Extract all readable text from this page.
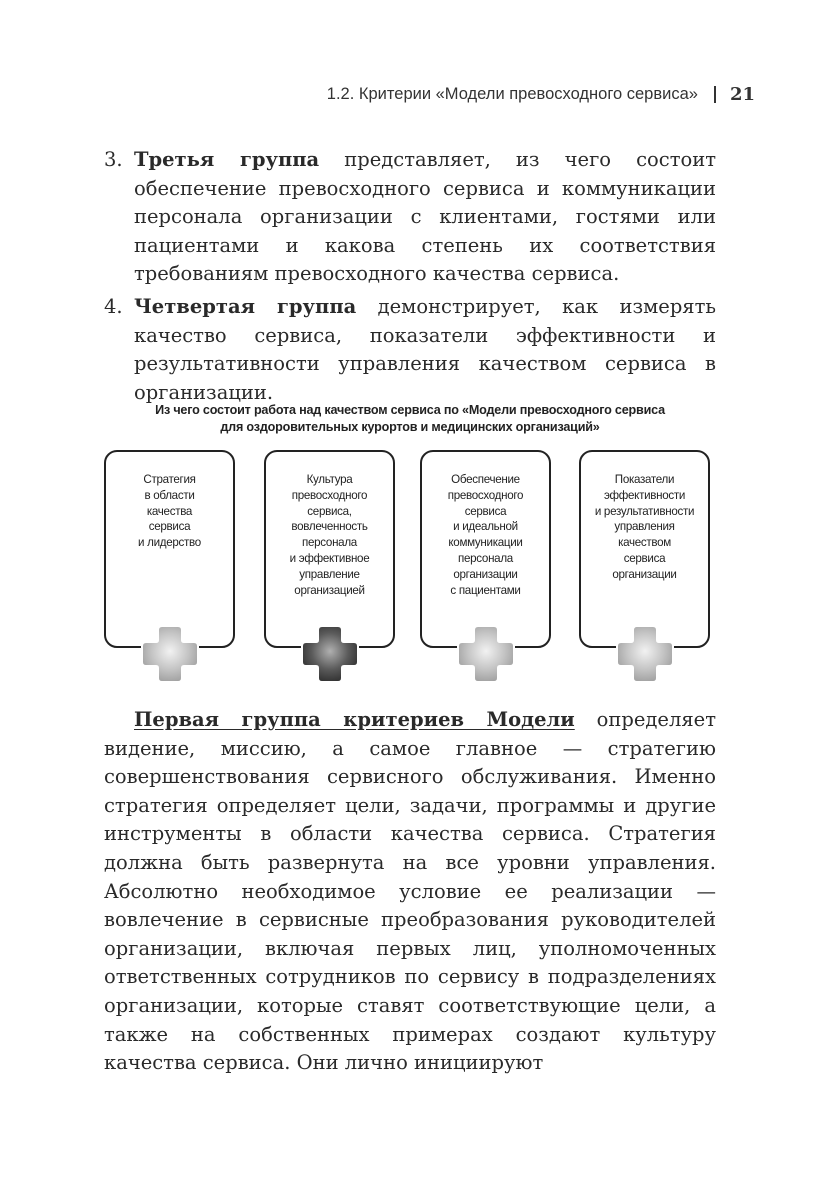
1.2. Критерии «Модели превосходного сервиса» 21
3. Третья группа представляет, из чего состоит обеспечение превосходного сервиса и коммуникации персонала организации с клиентами, гостями или пациентами и какова степень их соответствия требованиям превосходного качества сервиса.
4. Четвертая группа демонстрирует, как измерять качество сервиса, показатели эффективности и результативности управления качеством сервиса в организации.
Из чего состоит работа над качеством сервиса по «Модели превосходного сервиса
для оздоровительных курортов и медицинских организаций»
Стратегия
в области
качества
сервиса
и лидерство
Культура
превосходного
сервиса,
вовлеченность
персонала
и эффективное
управление
организацией
Обеспечение
превосходного
сервиса
и идеальной
коммуникации
персонала
организации
с пациентами
Показатели
эффективности
и результативности
управления
качеством
сервиса
организации

Первая группа критериев Модели определяет видение, миссию, а самое главное — стратегию совершенствования сервисного обслуживания. Именно стратегия определяет цели, задачи, программы и другие инструменты в области качества сервиса. Стратегия должна быть развернута на все уровни управления. Абсолютно необходимое условие ее реализации — вовлечение в сервисные преобразования руководителей организации, включая первых лиц, уполномоченных ответственных сотрудников по сервису в подразделениях организации, которые ставят соответствующие цели, а также на собственных примерах создают культуру качества сервиса. Они лично инициируют
